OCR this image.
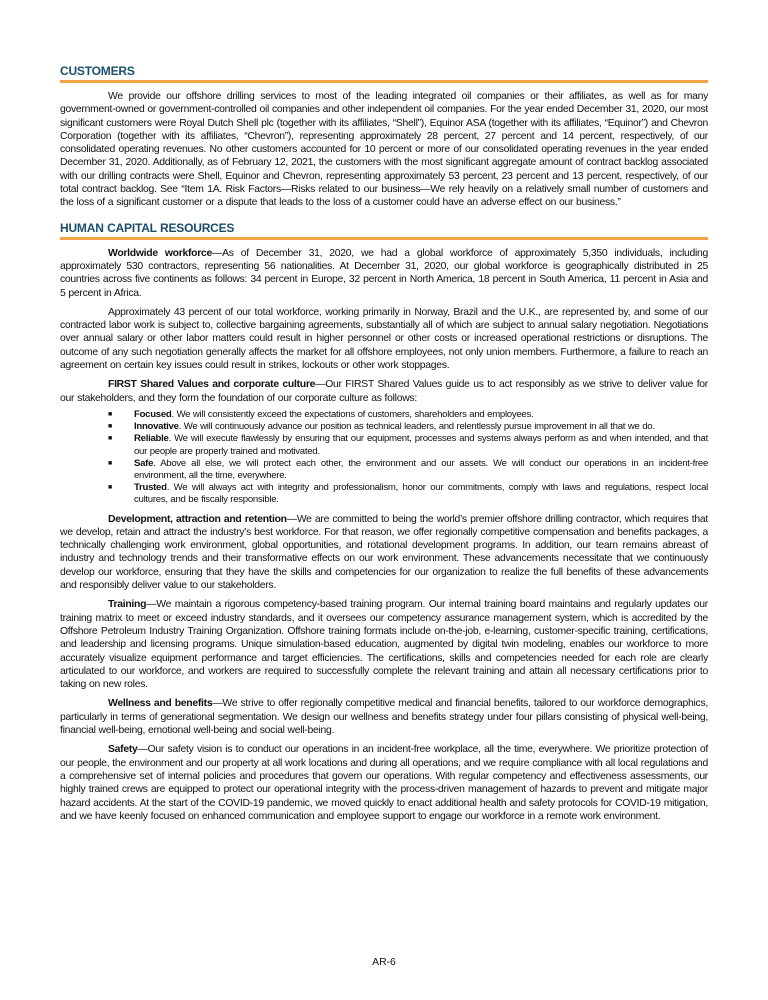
CUSTOMERS

We provide our offshore drilling services to most of the leading integrated oil companies or their affiliates, as well as for many government-owned or government-controlled oil companies and other independent oil companies. For the year ended December 31, 2020, our most significant customers were Royal Dutch Shell plc (together with its affiliates, “Shell”), Equinor ASA (together with its affiliates, “Equinor”) and Chevron Corporation (together with its affiliates, “Chevron”), representing approximately 28 percent, 27 percent and 14 percent, respectively, of our consolidated operating revenues. No other customers accounted for 10 percent or more of our consolidated operating revenues in the year ended December 31, 2020. Additionally, as of February 12, 2021, the customers with the most significant aggregate amount of contract backlog associated with our drilling contracts were Shell, Equinor and Chevron, representing approximately 53 percent, 23 percent and 13 percent, respectively, of our total contract backlog. See “Item 1A. Risk Factors—Risks related to our business—We rely heavily on a relatively small number of customers and the loss of a significant customer or a dispute that leads to the loss of a customer could have an adverse effect on our business.”

HUMAN CAPITAL RESOURCES

Worldwide workforce—As of December 31, 2020, we had a global workforce of approximately 5,350 individuals, including approximately 530 contractors, representing 56 nationalities. At December 31, 2020, our global workforce is geographically distributed in 25 countries across five continents as follows: 34 percent in Europe, 32 percent in North America, 18 percent in South America, 11 percent in Asia and 5 percent in Africa.

Approximately 43 percent of our total workforce, working primarily in Norway, Brazil and the U.K., are represented by, and some of our contracted labor work is subject to, collective bargaining agreements, substantially all of which are subject to annual salary negotiation. Negotiations over annual salary or other labor matters could result in higher personnel or other costs or increased operational restrictions or disruptions. The outcome of any such negotiation generally affects the market for all offshore employees, not only union members. Furthermore, a failure to reach an agreement on certain key issues could result in strikes, lockouts or other work stoppages.

FIRST Shared Values and corporate culture—Our FIRST Shared Values guide us to act responsibly as we strive to deliver value for our stakeholders, and they form the foundation of our corporate culture as follows:

■ Focused. We will consistently exceed the expectations of customers, shareholders and employees.
■ Innovative. We will continuously advance our position as technical leaders, and relentlessly pursue improvement in all that we do.
■ Reliable. We will execute flawlessly by ensuring that our equipment, processes and systems always perform as and when intended, and that our people are properly trained and motivated.
■ Safe. Above all else, we will protect each other, the environment and our assets. We will conduct our operations in an incident-free environment, all the time, everywhere.
■ Trusted. We will always act with integrity and professionalism, honor our commitments, comply with laws and regulations, respect local cultures, and be fiscally responsible.

Development, attraction and retention—We are committed to being the world’s premier offshore drilling contractor, which requires that we develop, retain and attract the industry’s best workforce. For that reason, we offer regionally competitive compensation and benefits packages, a technically challenging work environment, global opportunities, and rotational development programs. In addition, our team remains abreast of industry and technology trends and their transformative effects on our work environment. These advancements necessitate that we continuously develop our workforce, ensuring that they have the skills and competencies for our organization to realize the full benefits of these advancements and responsibly deliver value to our stakeholders.

Training—We maintain a rigorous competency-based training program. Our internal training board maintains and regularly updates our training matrix to meet or exceed industry standards, and it oversees our competency assurance management system, which is accredited by the Offshore Petroleum Industry Training Organization. Offshore training formats include on-the-job, e-learning, customer-specific training, certifications, and leadership and licensing programs. Unique simulation-based education, augmented by digital twin modeling, enables our workforce to more accurately visualize equipment performance and target efficiencies. The certifications, skills and competencies needed for each role are clearly articulated to our workforce, and workers are required to successfully complete the relevant training and attain all necessary certifications prior to taking on new roles.

Wellness and benefits—We strive to offer regionally competitive medical and financial benefits, tailored to our workforce demographics, particularly in terms of generational segmentation. We design our wellness and benefits strategy under four pillars consisting of physical well-being, financial well-being, emotional well-being and social well-being.

Safety—Our safety vision is to conduct our operations in an incident-free workplace, all the time, everywhere. We prioritize protection of our people, the environment and our property at all work locations and during all operations, and we require compliance with all local regulations and a comprehensive set of internal policies and procedures that govern our operations. With regular competency and effectiveness assessments, our highly trained crews are equipped to protect our operational integrity with the process-driven management of hazards to prevent and mitigate major hazard accidents. At the start of the COVID-19 pandemic, we moved quickly to enact additional health and safety protocols for COVID-19 mitigation, and we have keenly focused on enhanced communication and employee support to engage our workforce in a remote work environment.

AR-6
